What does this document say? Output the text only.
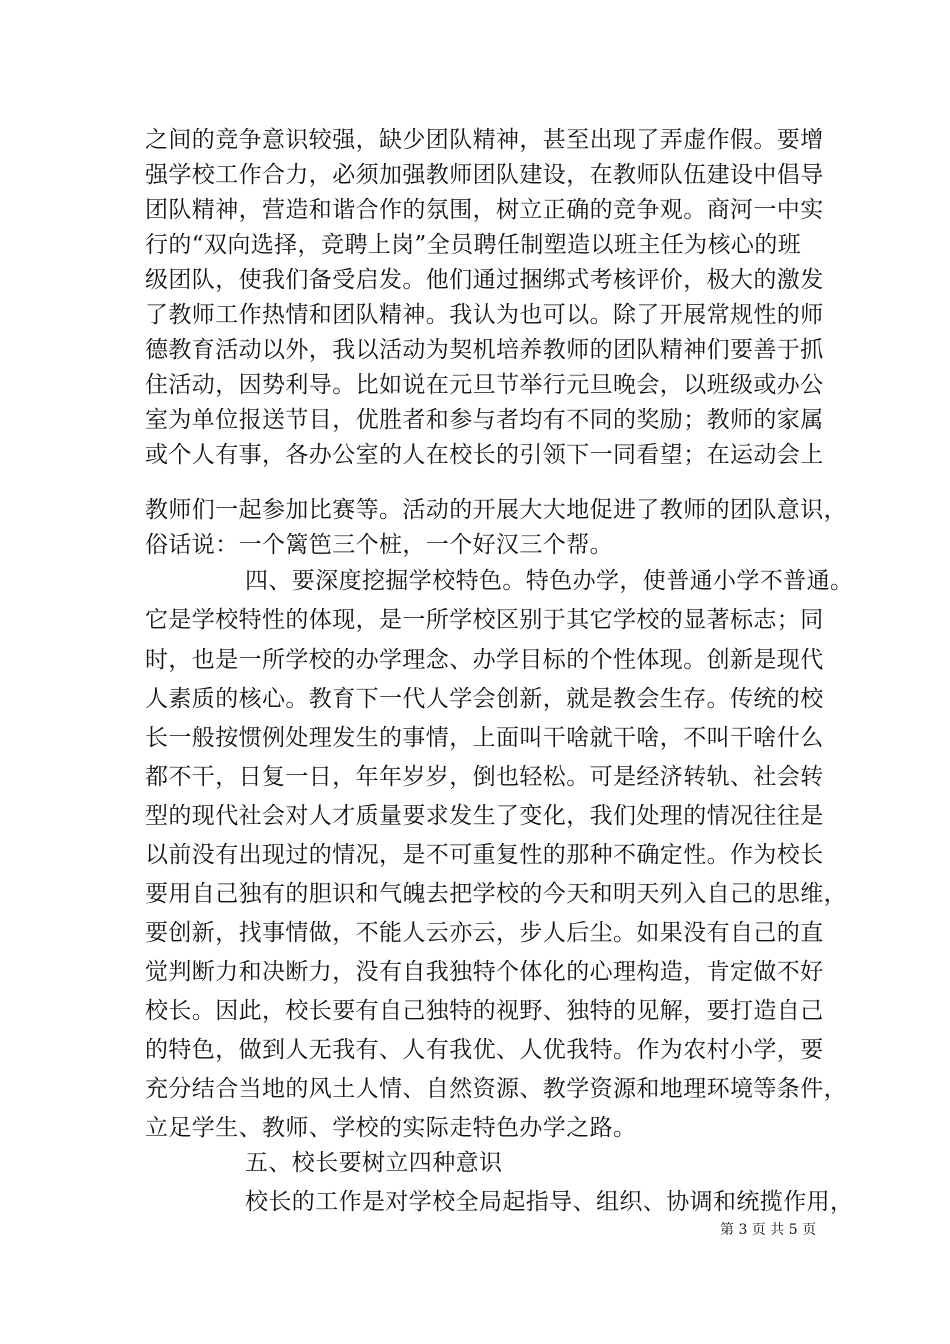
之间的竞争意识较强，缺少团队精神，甚至出现了弄虚作假。要增
强学校工作合力，必须加强教师团队建设，在教师队伍建设中倡导
团队精神，营造和谐合作的氛围，树立正确的竞争观。商河一中实
行的“双向选择，竞聘上岗”全员聘任制塑造以班主任为核心的班
级团队，使我们备受启发。他们通过捆绑式考核评价，极大的激发
了教师工作热情和团队精神。我认为也可以。除了开展常规性的师
德教育活动以外，我以活动为契机培养教师的团队精神们要善于抓
住活动，因势利导。比如说在元旦节举行元旦晚会，以班级或办公
室为单位报送节目，优胜者和参与者均有不同的奖励；教师的家属
或个人有事，各办公室的人在校长的引领下一同看望；在运动会上
教师们一起参加比赛等。活动的开展大大地促进了教师的团队意识，
俗话说：一个篱笆三个桩，一个好汉三个帮。
四、要深度挖掘学校特色。特色办学，使普通小学不普通。
它是学校特性的体现，是一所学校区别于其它学校的显著标志；同
时，也是一所学校的办学理念、办学目标的个性体现。创新是现代
人素质的核心。教育下一代人学会创新，就是教会生存。传统的校
长一般按惯例处理发生的事情，上面叫干啥就干啥，不叫干啥什么
都不干，日复一日，年年岁岁，倒也轻松。可是经济转轨、社会转
型的现代社会对人才质量要求发生了变化，我们处理的情况往往是
以前没有出现过的情况，是不可重复性的那种不确定性。作为校长
要用自己独有的胆识和气魄去把学校的今天和明天列入自己的思维，
要创新，找事情做，不能人云亦云，步人后尘。如果没有自己的直
觉判断力和决断力，没有自我独特个体化的心理构造，肯定做不好
校长。因此，校长要有自己独特的视野、独特的见解，要打造自己
的特色，做到人无我有、人有我优、人优我特。作为农村小学，要
充分结合当地的风土人情、自然资源、教学资源和地理环境等条件，
立足学生、教师、学校的实际走特色办学之路。
五、校长要树立四种意识
校长的工作是对学校全局起指导、组织、协调和统揽作用，
第 3 页 共 5 页
